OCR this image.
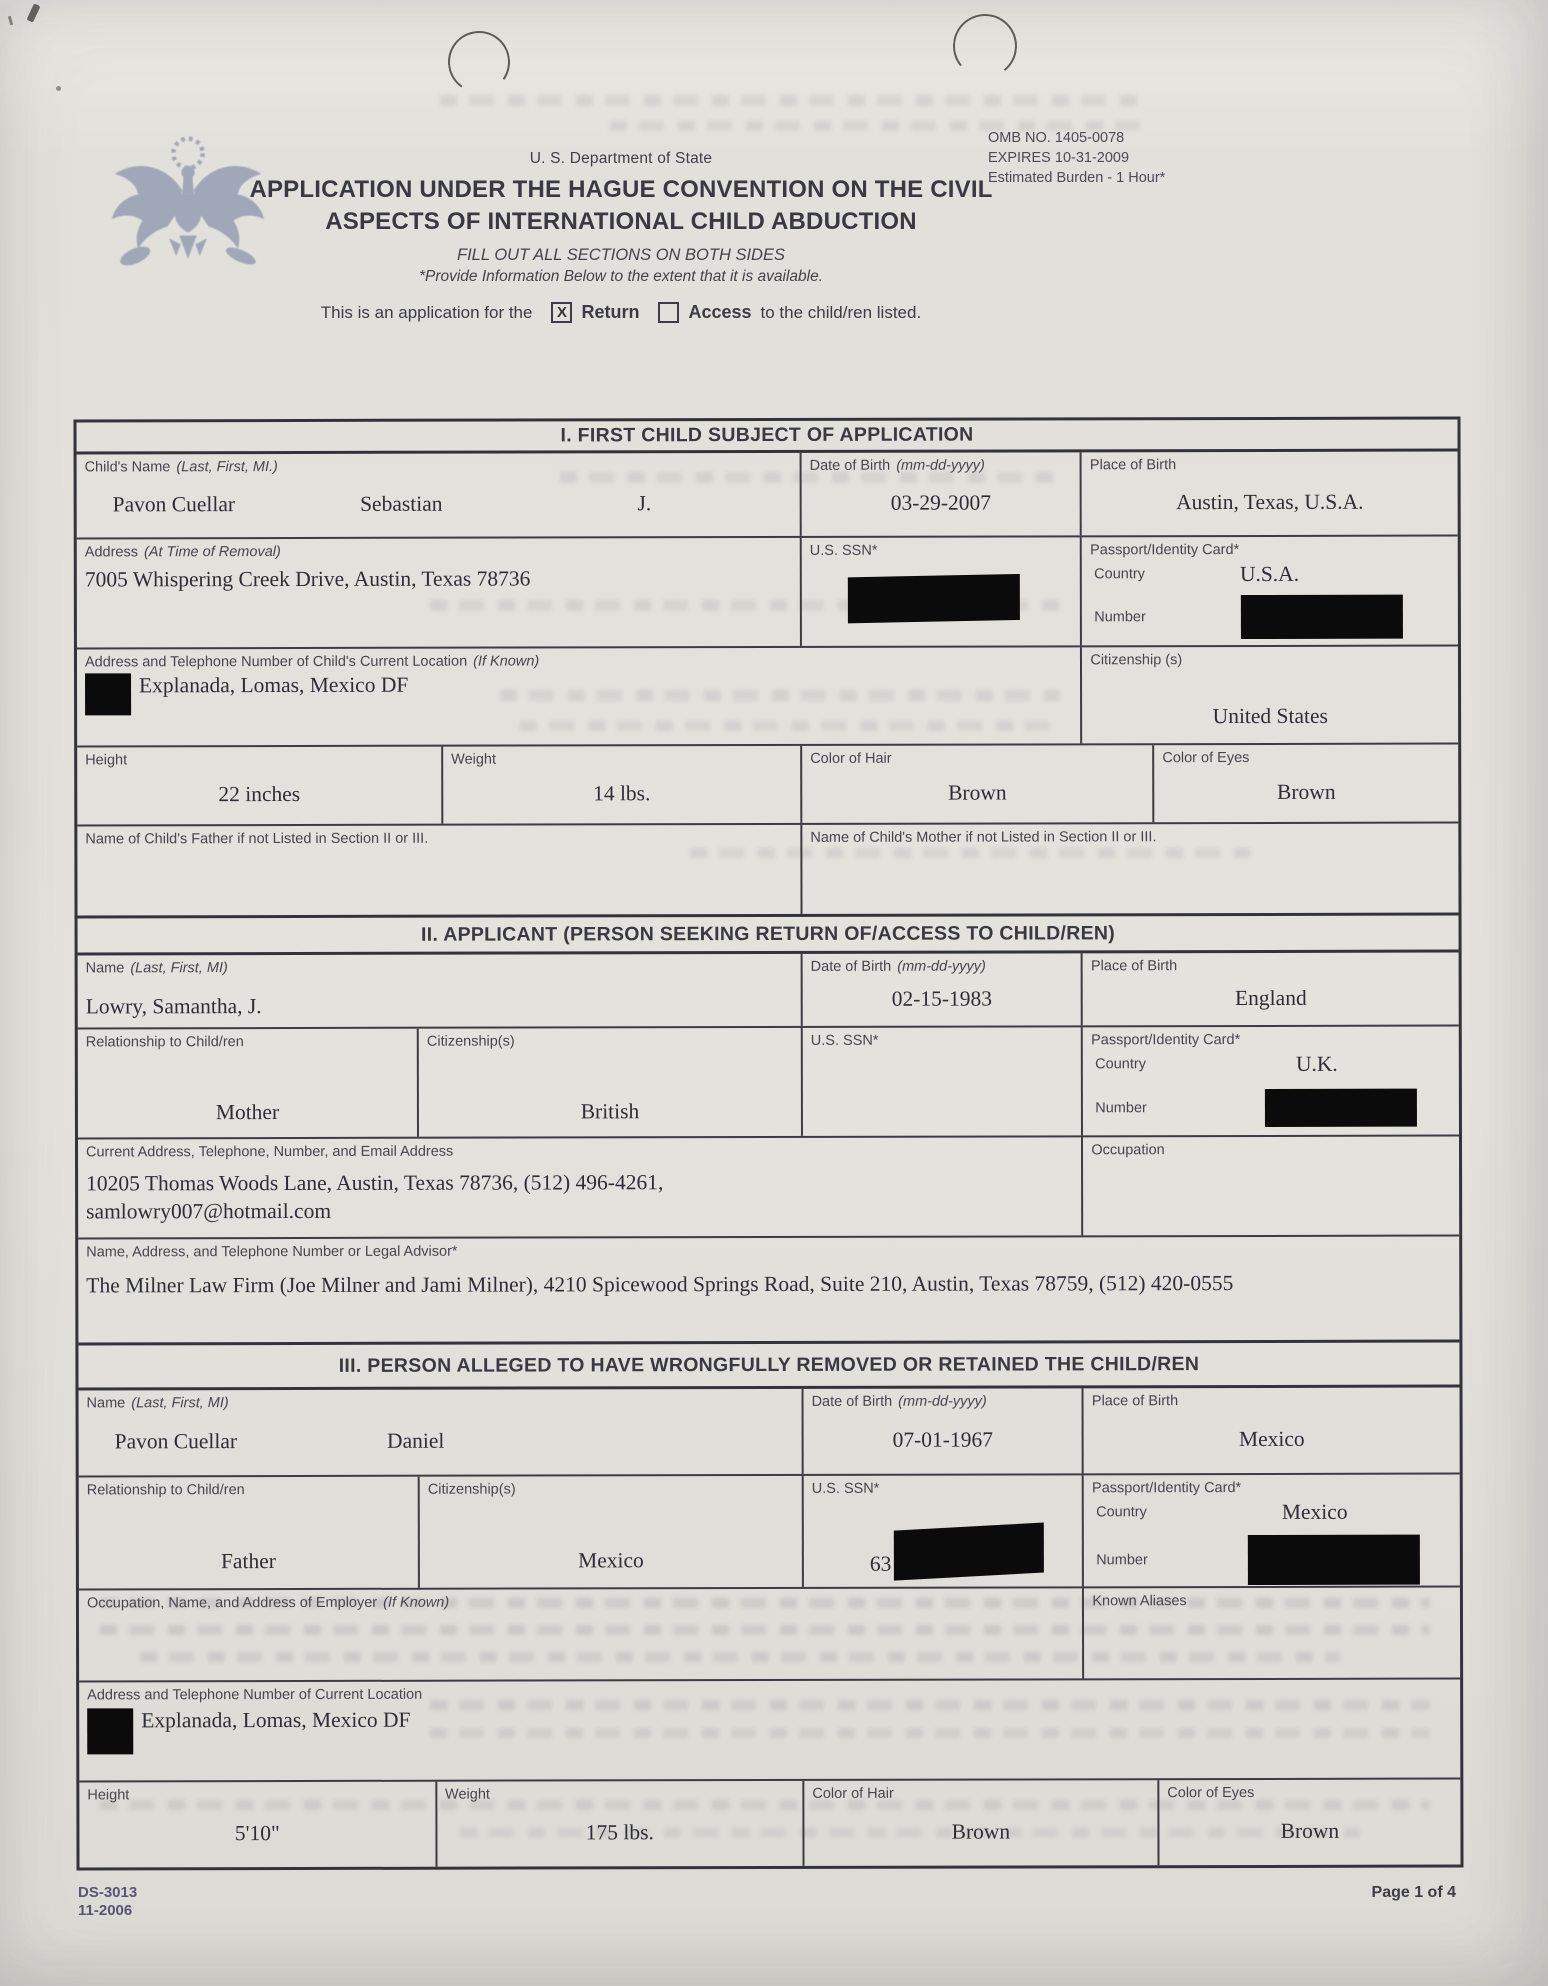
OMB NO. 1405-0078
EXPIRES 10-31-2009
Estimated Burden - 1 Hour*
U. S. Department of State
APPLICATION UNDER THE HAGUE CONVENTION ON THE CIVIL
ASPECTS OF INTERNATIONAL CHILD ABDUCTION
FILL OUT ALL SECTIONS ON BOTH SIDES
*Provide Information Below to the extent that it is available.
This is an application for the X Return	Access to the child/ren listed.
I. FIRST CHILD SUBJECT OF APPLICATION
Child's Name (Last, First, MI.)
Pavon Cuellar	Sebastian	J.
Date of Birth (mm-dd-yyyy)
03-29-2007
Place of Birth
Austin, Texas, U.S.A.
Address (At Time of Removal)
7005 Whispering Creek Drive, Austin, Texas 78736
U.S. SSN*	Passport/Identity Card*
Country	U.S.A.
Number
Address and Telephone Number of Child's Current Location (If Known)
Explanada, Lomas, Mexico DF
Citizenship (s)
United States
Height
22 inches
Weight
14 lbs.
Color of Hair
Brown
Color of Eyes
Brown
Name of Child's Father if not Listed in Section II or III.	Name of Child's Mother if not Listed in Section II or III.
II. APPLICANT (PERSON SEEKING RETURN OF/ACCESS TO CHILD/REN)
Name (Last, First, MI)
Lowry, Samantha, J.
Date of Birth (mm-dd-yyyy)
02-15-1983
Place of Birth
England
Relationship to Child/ren
Mother
Citizenship(s)
British
U.S. SSN*	Passport/Identity Card*
Country	U.K.
Number
Current Address, Telephone, Number, and Email Address
10205 Thomas Woods Lane, Austin, Texas 78736, (512) 496-4261,
samlowry007@hotmail.com
Occupation
Name, Address, and Telephone Number or Legal Advisor*
The Milner Law Firm (Joe Milner and Jami Milner), 4210 Spicewood Springs Road, Suite 210, Austin, Texas 78759, (512) 420-0555
III. PERSON ALLEGED TO HAVE WRONGFULLY REMOVED OR RETAINED THE CHILD/REN
Name (Last, First, MI)
Pavon Cuellar	Daniel
Date of Birth (mm-dd-yyyy)
07-01-1967
Place of Birth
Mexico
Relationship to Child/ren
Father
Citizenship(s)
Mexico
U.S. SSN*
63
Passport/Identity Card*
Country	Mexico
Number
Occupation, Name, and Address of Employer (If Known)	Known Aliases
Address and Telephone Number of Current Location
Explanada, Lomas, Mexico DF
Height
5'10"
Weight
175 lbs.
Color of Hair
Brown
Color of Eyes
Brown
DS-3013
11-2006
Page 1 of 4
